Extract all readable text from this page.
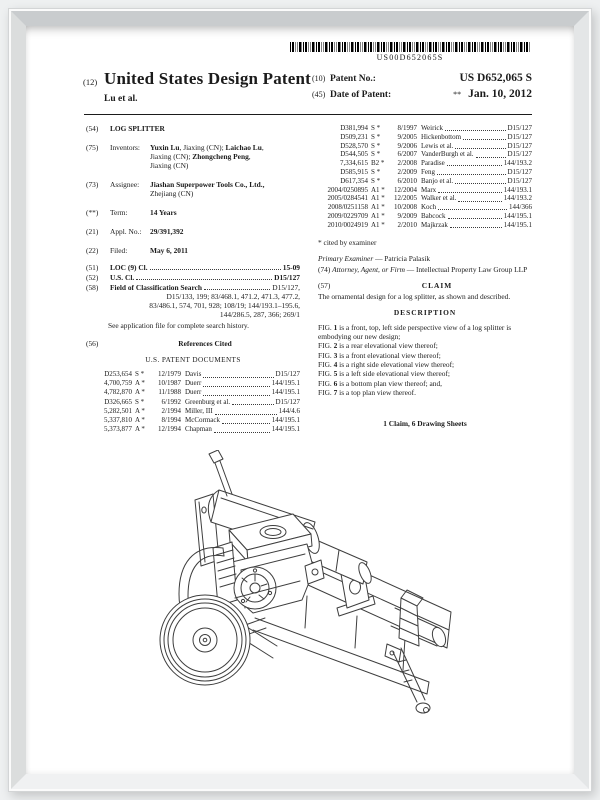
US00D652065S
(12) United States Design Patent
Lu et al.
(10) Patent No.:	US D652,065 S
(45) Date of Patent:	** Jan. 10, 2012
(54)	LOG SPLITTER
(75)	Inventors:	Yuxin Lu, Jiaxing (CN); Laichao Lu,
Jiaxing (CN); Zhongcheng Peng,
Jiaxing (CN)
(73)	Assignee:	Jiashan Superpower Tools Co., Ltd.,
Zhejiang (CN)
(**)	Term:	14 Years
(21)	Appl. No.:	29/391,392
(22)	Filed:	May 6, 2011
(51)	LOC (9) Cl.	15-09
(52)	U.S. Cl.	D15/127
(58)	Field of Classification Search	D15/127,
D15/133, 199; 83/468.1, 471.2, 471.3, 477.2,
83/486.1, 574, 701, 928; 108/19; 144/193.1–195.6,
144/286.5, 287, 366; 269/1
See application file for complete search history.
(56)	References Cited
U.S. PATENT DOCUMENTS
D253,654 S *	12/1979 Davis	D15/127
4,700,759 A *	10/1987 Duerr	144/195.1
4,782,870 A *	11/1988 Duerr	144/195.1
D326,665 S *	6/1992 Greenburg et al.	D15/127
5,282,501 A *	2/1994 Miller, III	144/4.6
5,337,810 A *	8/1994 McCormack	144/195.1
5,373,877 A *	12/1994 Chapman	144/195.1
D381,994 S *	8/1997 Weirick	D15/127
D509,231 S *	9/2005 Hickenbottom	D15/127
D528,570 S *	9/2006 Lewis et al.	D15/127
D544,505 S *	6/2007 VanderBurgh et al.	D15/127
7,334,615 B2 *	2/2008 Paradise	144/193.2
D585,915 S *	2/2009 Feng	D15/127
D617,354 S *	6/2010 Banjo et al.	D15/127
2004/0250895 A1 *	12/2004 Marx	144/193.1
2005/0284541 A1 *	12/2005 Walker et al.	144/193.2
2008/0251158 A1 *	10/2008 Koch	144/366
2009/0229709 A1 *	9/2009 Babcock	144/195.1
2010/0024919 A1 *	2/2010 Majkrzak	144/195.1
* cited by examiner
Primary Examiner — Patricia Palasik
(74) Attorney, Agent, or Firm — Intellectual Property Law Group LLP
(57)	CLAIM
The ornamental design for a log splitter, as shown and described.
DESCRIPTION

FIG. 1 is a front, top, left side perspective view of a log splitter is embodying our new design;

FIG. 2 is a rear elevational view thereof;

FIG. 3 is a front elevational view thereof;

FIG. 4 is a right side elevational view thereof;

FIG. 5 is a left side elevational view thereof;

FIG. 6 is a bottom plan view thereof; and,

FIG. 7 is a top plan view thereof.

1 Claim, 6 Drawing Sheets
